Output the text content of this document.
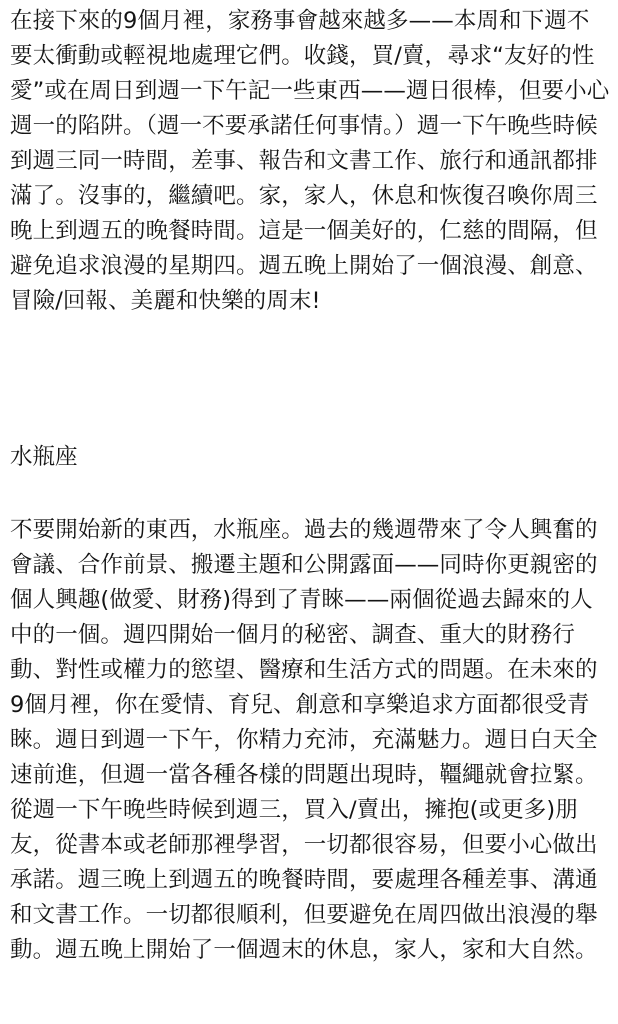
在接下來的9個月裡，家務事會越來越多——本周和下週不要太衝動或輕視地處理它們。收錢，買/賣，尋求“友好的性愛”或在周日到週一下午記一些東西——週日很棒，但要小心週一的陷阱。（週一不要承諾任何事情。）週一下午晚些時候到週三同一時間，差事、報告和文書工作、旅行和通訊都排滿了。沒事的，繼續吧。家，家人，休息和恢復召喚你周三晚上到週五的晚餐時間。這是一個美好的，仁慈的間隔，但避免追求浪漫的星期四。週五晚上開始了一個浪漫、創意、冒險/回報、美麗和快樂的周末!

水瓶座

不要開始新的東西，水瓶座。過去的幾週帶來了令人興奮的會議、合作前景、搬遷主題和公開露面——同時你更親密的個人興趣(做愛、財務)得到了青睞——兩個從過去歸來的人中的一個。週四開始一個月的秘密、調查、重大的財務行動、對性或權力的慾望、醫療和生活方式的問題。在未來的9個月裡，你在愛情、育兒、創意和享樂追求方面都很受青睞。週日到週一下午，你精力充沛，充滿魅力。週日白天全速前進，但週一當各種各樣的問題出現時，韁繩就會拉緊。從週一下午晚些時候到週三，買入/賣出，擁抱(或更多)朋友，從書本或老師那裡學習，一切都很容易，但要小心做出承諾。週三晚上到週五的晚餐時間，要處理各種差事、溝通和文書工作。一切都很順利，但要避免在周四做出浪漫的舉動。週五晚上開始了一個週末的休息，家人，家和大自然。
